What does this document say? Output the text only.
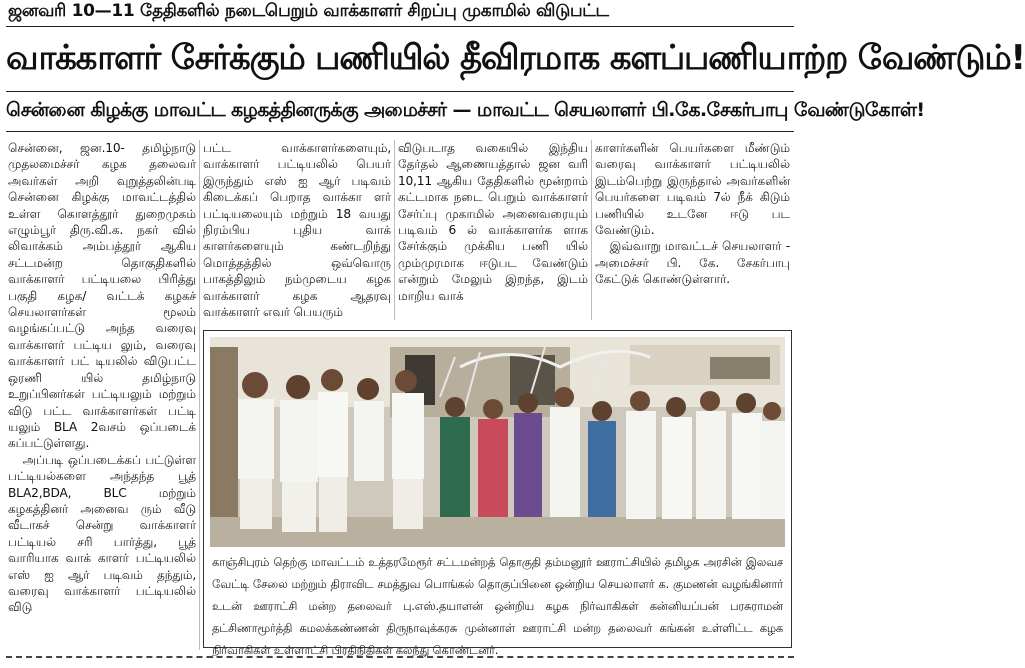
ஜனவரி 10—11 தேதிகளில் நடைபெறும் வாக்காளர் சிறப்பு முகாமில் விடுபட்ட
வாக்காளர் சேர்க்கும் பணியில் தீவிரமாக களப்பணியாற்ற வேண்டும்!
சென்னை கிழக்கு மாவட்ட கழகத்தினருக்கு அமைச்சர் — மாவட்ட செயலாளர் பி.கே.சேகர்பாபு வேண்டுகோள்!

சென்னை, ஜன.10- தமிழ்நாடு முதலமைச்சர் கழக தலைவர் அவர்கள் அறி வுறுத்தலின்படி சென்னை கிழக்கு மாவட்டத்தில் உள்ள கொளத்தூர் துறைமுகம் எழும்பூர் திரு.வி.க. நகர் வில் லிவாக்கம் அம்பத்தூர் ஆகிய சட்டமன்ற தொகுதிகளில் வாக்காளர் பட்டியலை பிரித்து பகுதி கழக/ வட்டக் கழகச் செயலாளர்கள் மூலம் வழங்கப்பட்டு அந்த வரைவு வாக்காளர் பட்டிய லும், வரைவு வாக்காளர் பட் டியலில் விடுபட்ட ஒரணி யில் தமிழ்நாடு உறுப்பினர்கள் பட்டியலும் மற்றும் விடு பட்ட வாக்காளர்கள் பட்டி யலும் BLA 2வசம் ஒப்படைக் கப்பட்டுள்ளது.

அப்படி ஒப்படைக்கப் பட்டுள்ள பட்டியல்களை அந்தந்த பூத் BLA2,BDA, BLC மற்றும் கழகத்தினர் அனைவ ரும் வீடு வீடாகச் சென்று வாக்காளர் பட்டியல் சரி பார்த்து, பூத் வாரியாக வாக் காளர் பட்டியலில் எஸ் ஐ ஆர் படிவம் தந்தும், வரைவு வாக்காளர் பட்டியலில் விடு

பட்ட வாக்காளர்களையும், வாக்காளர் பட்டியலில் பெயர் இருந்தும் எஸ் ஐ ஆர் படிவம் கிடைக்கப் பெறாத வாக்கா ளர் பட்டியலையும் மற்றும் 18 வயது நிரம்பிய புதிய வாக் காளர்களையும் கண்டறிந்து மொத்தத்தில் ஒவ்வொரு பாகத்திலும் நம்முடைய கழக வாக்காளர் கழக ஆதரவு வாக்காளர் எவர் பெயரும்

விடுபடாத வகையில் இந்திய தேர்தல் ஆணையத்தால் ஜன வரி 10,11 ஆகிய தேதிகளில் மூன்றாம் கட்டமாக நடை பெறும் வாக்காளர் சேர்ப்பு முகாமில் அனைவரையும் படிவம் 6 ல் வாக்காளர்க ளாக சேர்க்கும் முக்கிய பணி யில் மும்முரமாக ஈடுபட வேண்டும் என்றும் மேலும் இறந்த, இடம் மாறிய வாக்

காளர்களின் பெயர்களை மீண்டும் வரைவு வாக்காளர் பட்டியலில் இடம்பெற்று இருந்தால் அவர்களின் பெயர்களை படிவம் 7ல் நீக் கிடும் பணியில் உடனே ஈடு பட வேண்டும்.

இவ்வாறு மாவட்டச் செயலாளர் - அமைச்சர் பி. கே. சேகர்பாபு கேட்டுக் கொண்டுள்ளார்.

காஞ்சிபுரம் தெற்கு மாவட்டம் உத்தரமேரூர் சட்டமன்றத் தொகுதி தம்மனூர் ஊராட்சியில் தமிழக அரசின் இலவச வேட்டி சேலை மற்றும் திராவிட சமத்துவ பொங்கல் தொகுப்பினை ஒன்றிய செயலாளர் க. குமணன் வழங்கினார் உடன் ஊராட்சி மன்ற தலைவர் பு.எஸ்.தயாளன் ஒன்றிய கழக நிர்வாகிகள் கன்னியப்பன் பரசுராமன் தட்சிணாமூர்த்தி கமலக்கண்ணன் திருநாவுக்கரசு முன்னாள் ஊராட்சி மன்ற தலைவர் கங்கன் உள்ளிட்ட கழக நிர்வாகிகள் உள்ளாட்சி பிரதிநிதிகள் கலந்து கொண்டனர்.
